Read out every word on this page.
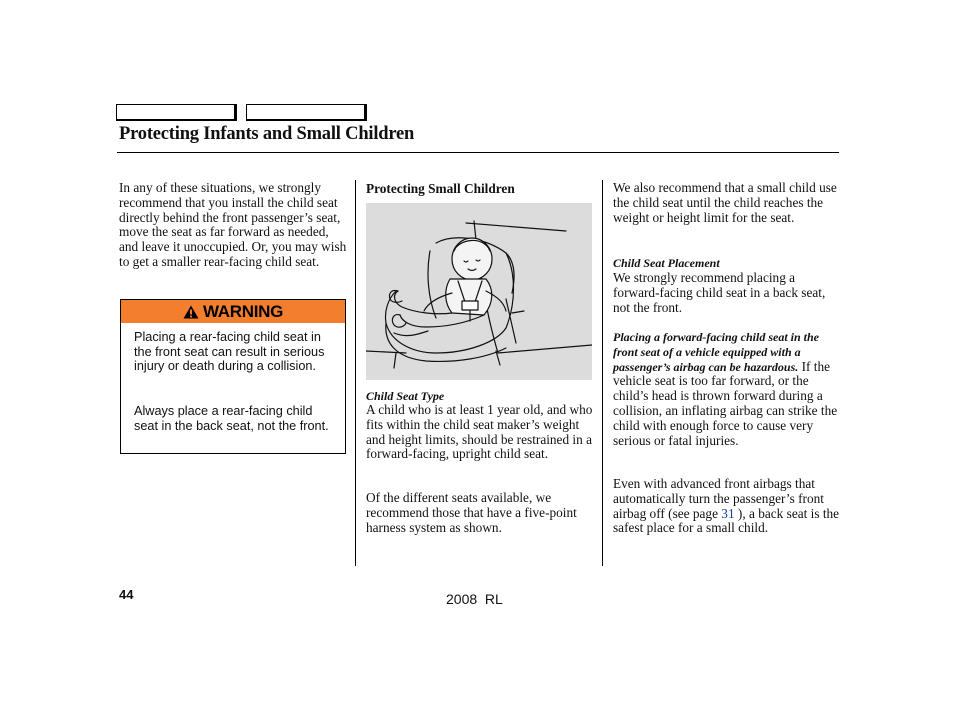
Protecting Infants and Small Children
In any of these situations, we strongly recommend that you install the child seat directly behind the front passenger’s seat, move the seat as far forward as needed, and leave it unoccupied. Or, you may wish to get a smaller rear-facing child seat.
WARNING
Placing a rear-facing child seat in the front seat can result in serious injury or death during a collision.
Always place a rear-facing child seat in the back seat, not the front.
Protecting Small Children
Child Seat Type
A child who is at least 1 year old, and who fits within the child seat maker’s weight and height limits, should be restrained in a forward-facing, upright child seat.
Of the different seats available, we recommend those that have a five-point harness system as shown.
We also recommend that a small child use the child seat until the child reaches the weight or height limit for the seat.
Child Seat Placement
We strongly recommend placing a forward-facing child seat in a back seat, not the front.
Placing a forward-facing child seat in the front seat of a vehicle equipped with a passenger’s airbag can be hazardous. If the vehicle seat is too far forward, or the child’s head is thrown forward during a collision, an inflating airbag can strike the child with enough force to cause very serious or fatal injuries.
Even with advanced front airbags that automatically turn the passenger’s front airbag off (see page 31 ), a back seat is the safest place for a small child.
44	2008  RL
